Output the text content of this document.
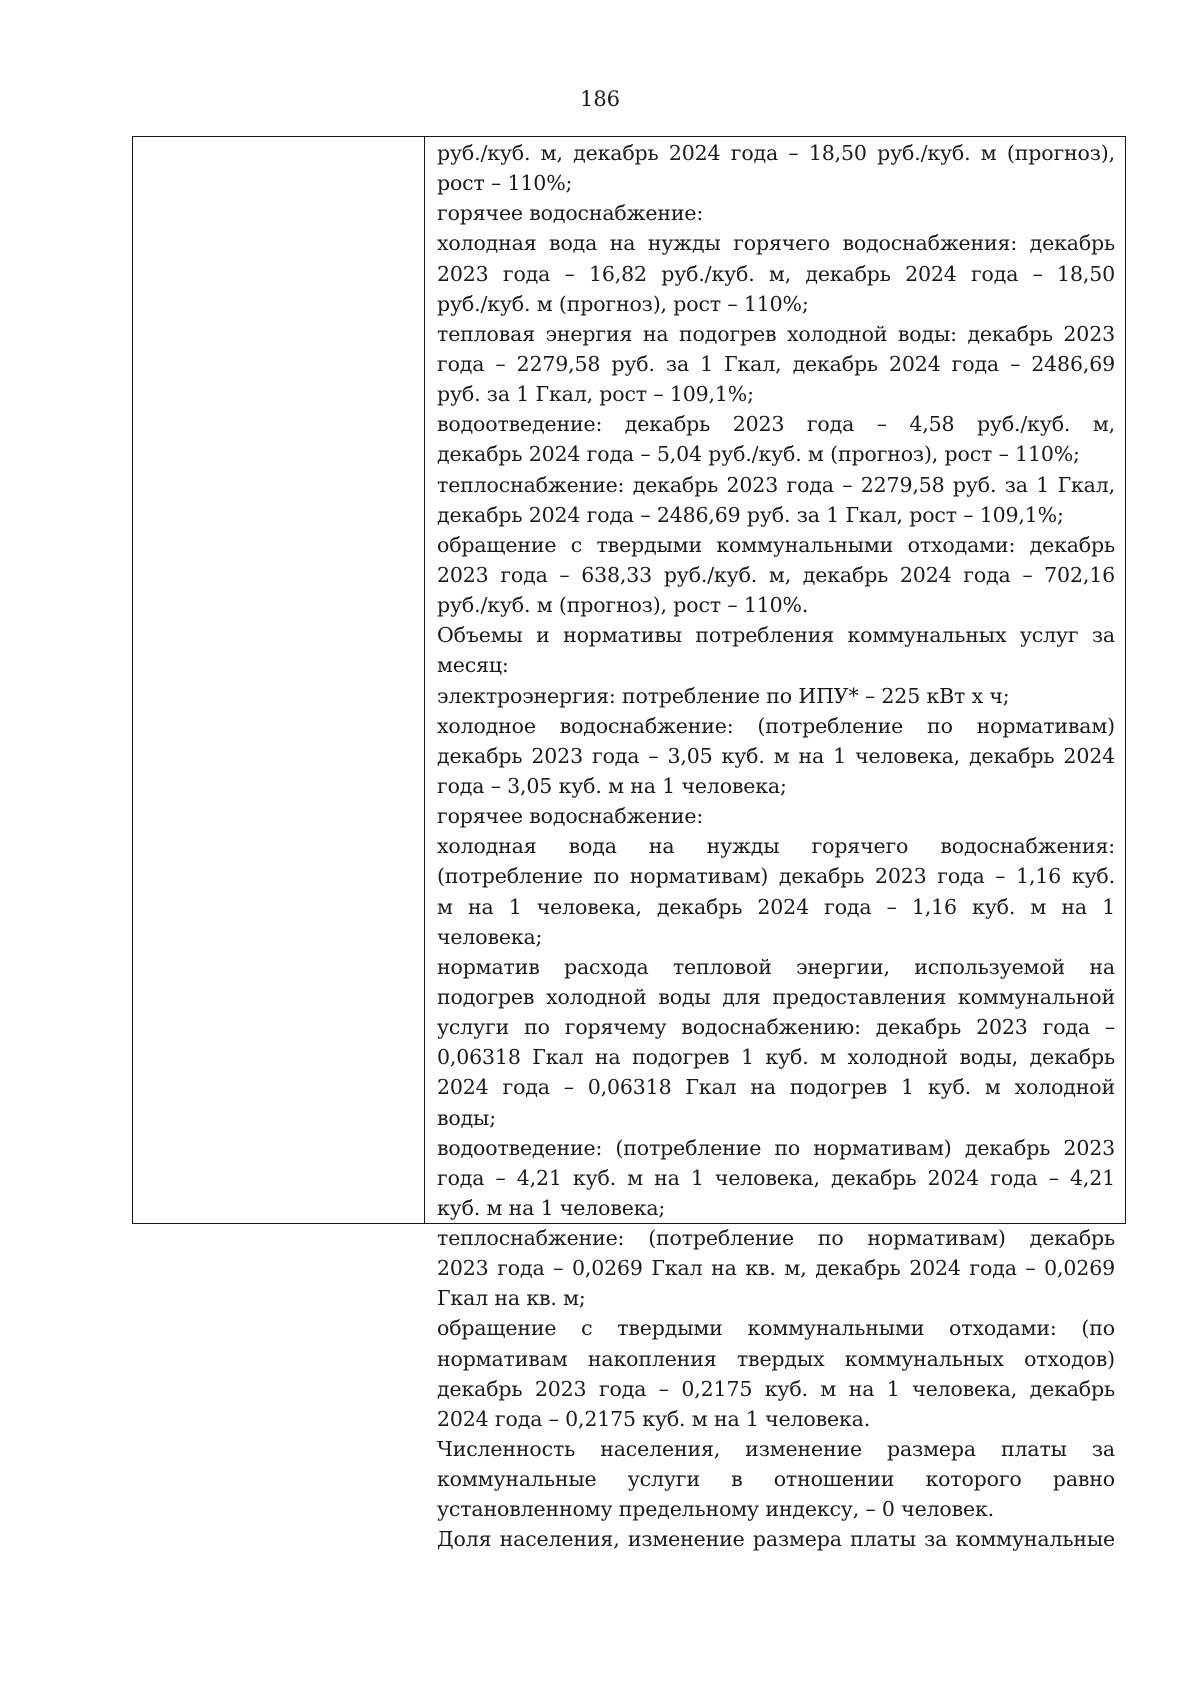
186
руб./куб. м, декабрь 2024 года – 18,50 руб./куб. м (прогноз),
рост – 110%;
горячее водоснабжение:
холодная вода на нужды горячего водоснабжения: декабрь
2023 года – 16,82 руб./куб. м, декабрь 2024 года – 18,50
руб./куб. м (прогноз), рост – 110%;
тепловая энергия на подогрев холодной воды: декабрь 2023
года – 2279,58 руб. за 1 Гкал, декабрь 2024 года – 2486,69
руб. за 1 Гкал, рост – 109,1%;
водоотведение: декабрь 2023 года – 4,58 руб./куб. м,
декабрь 2024 года – 5,04 руб./куб. м (прогноз), рост – 110%;
теплоснабжение: декабрь 2023 года – 2279,58 руб. за 1 Гкал,
декабрь 2024 года – 2486,69 руб. за 1 Гкал, рост – 109,1%;
обращение с твердыми коммунальными отходами: декабрь
2023 года – 638,33 руб./куб. м, декабрь 2024 года – 702,16
руб./куб. м (прогноз), рост – 110%.
Объемы и нормативы потребления коммунальных услуг за
месяц:
электроэнергия: потребление по ИПУ* – 225 кВт х ч;
холодное водоснабжение: (потребление по нормативам)
декабрь 2023 года – 3,05 куб. м на 1 человека, декабрь 2024
года – 3,05 куб. м на 1 человека;
горячее водоснабжение:
холодная вода на нужды горячего водоснабжения:
(потребление по нормативам) декабрь 2023 года – 1,16 куб.
м на 1 человека, декабрь 2024 года – 1,16 куб. м на 1
человека;
норматив расхода тепловой энергии, используемой на
подогрев холодной воды для предоставления коммунальной
услуги по горячему водоснабжению: декабрь 2023 года –
0,06318 Гкал на подогрев 1 куб. м холодной воды, декабрь
2024 года – 0,06318 Гкал на подогрев 1 куб. м холодной
воды;
водоотведение: (потребление по нормативам) декабрь 2023
года – 4,21 куб. м на 1 человека, декабрь 2024 года – 4,21
куб. м на 1 человека;
теплоснабжение: (потребление по нормативам) декабрь
2023 года – 0,0269 Гкал на кв. м, декабрь 2024 года – 0,0269
Гкал на кв. м;
обращение с твердыми коммунальными отходами: (по
нормативам накопления твердых коммунальных отходов)
декабрь 2023 года – 0,2175 куб. м на 1 человека, декабрь
2024 года – 0,2175 куб. м на 1 человека.
Численность населения, изменение размера платы за
коммунальные услуги в отношении которого равно
установленному предельному индексу, – 0 человек.
Доля населения, изменение размера платы за коммунальные
